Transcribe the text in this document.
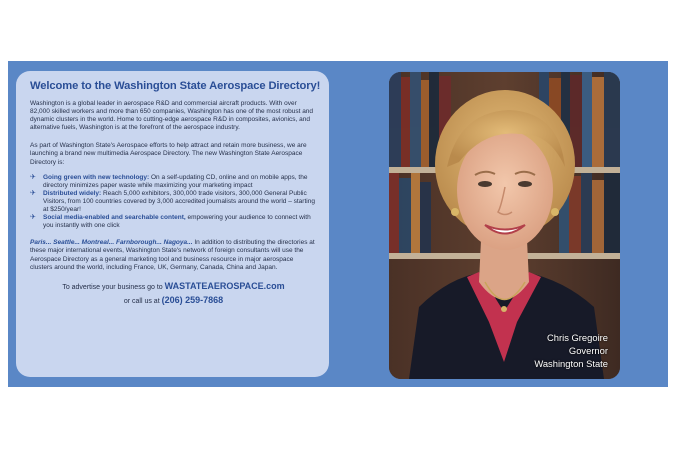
Welcome to the Washington State Aerospace Directory!

Washington is a global leader in aerospace R&D and commercial aircraft products. With over 82,000 skilled workers and more than 650 companies, Washington has one of the most robust and dynamic clusters in the world. Home to cutting-edge aerospace R&D in composites, avionics, and alternative fuels, Washington is at the forefront of the aerospace industry.

As part of Washington State's Aerospace efforts to help attract and retain more business, we are launching a brand new multimedia Aerospace Directory. The new Washington State Aerospace Directory is:

✈ Going green with new technology: On a self-updating CD, online and on mobile apps, the directory minimizes paper waste while maximizing your marketing impact
✈ Distributed widely: Reach 5,000 exhibitors, 300,000 trade visitors, 300,000 General Public Visitors, from 100 countries covered by 3,000 accredited journalists around the world – starting at $250/year!
✈ Social media-enabled and searchable content, empowering your audience to connect with you instantly with one click

Paris... Seattle... Montreal... Farnborough... Nagoya... In addition to distributing the directories at these major international events, Washington State's network of foreign consultants will use the Aerospace Directory as a general marketing tool and business resource in major aerospace clusters around the world, including France, UK, Germany, Canada, China and Japan.

To advertise your business go to WASTATEAEROSPACE.com
or call us at (206) 259-7868
Chris Gregoire
Governor
Washington State
